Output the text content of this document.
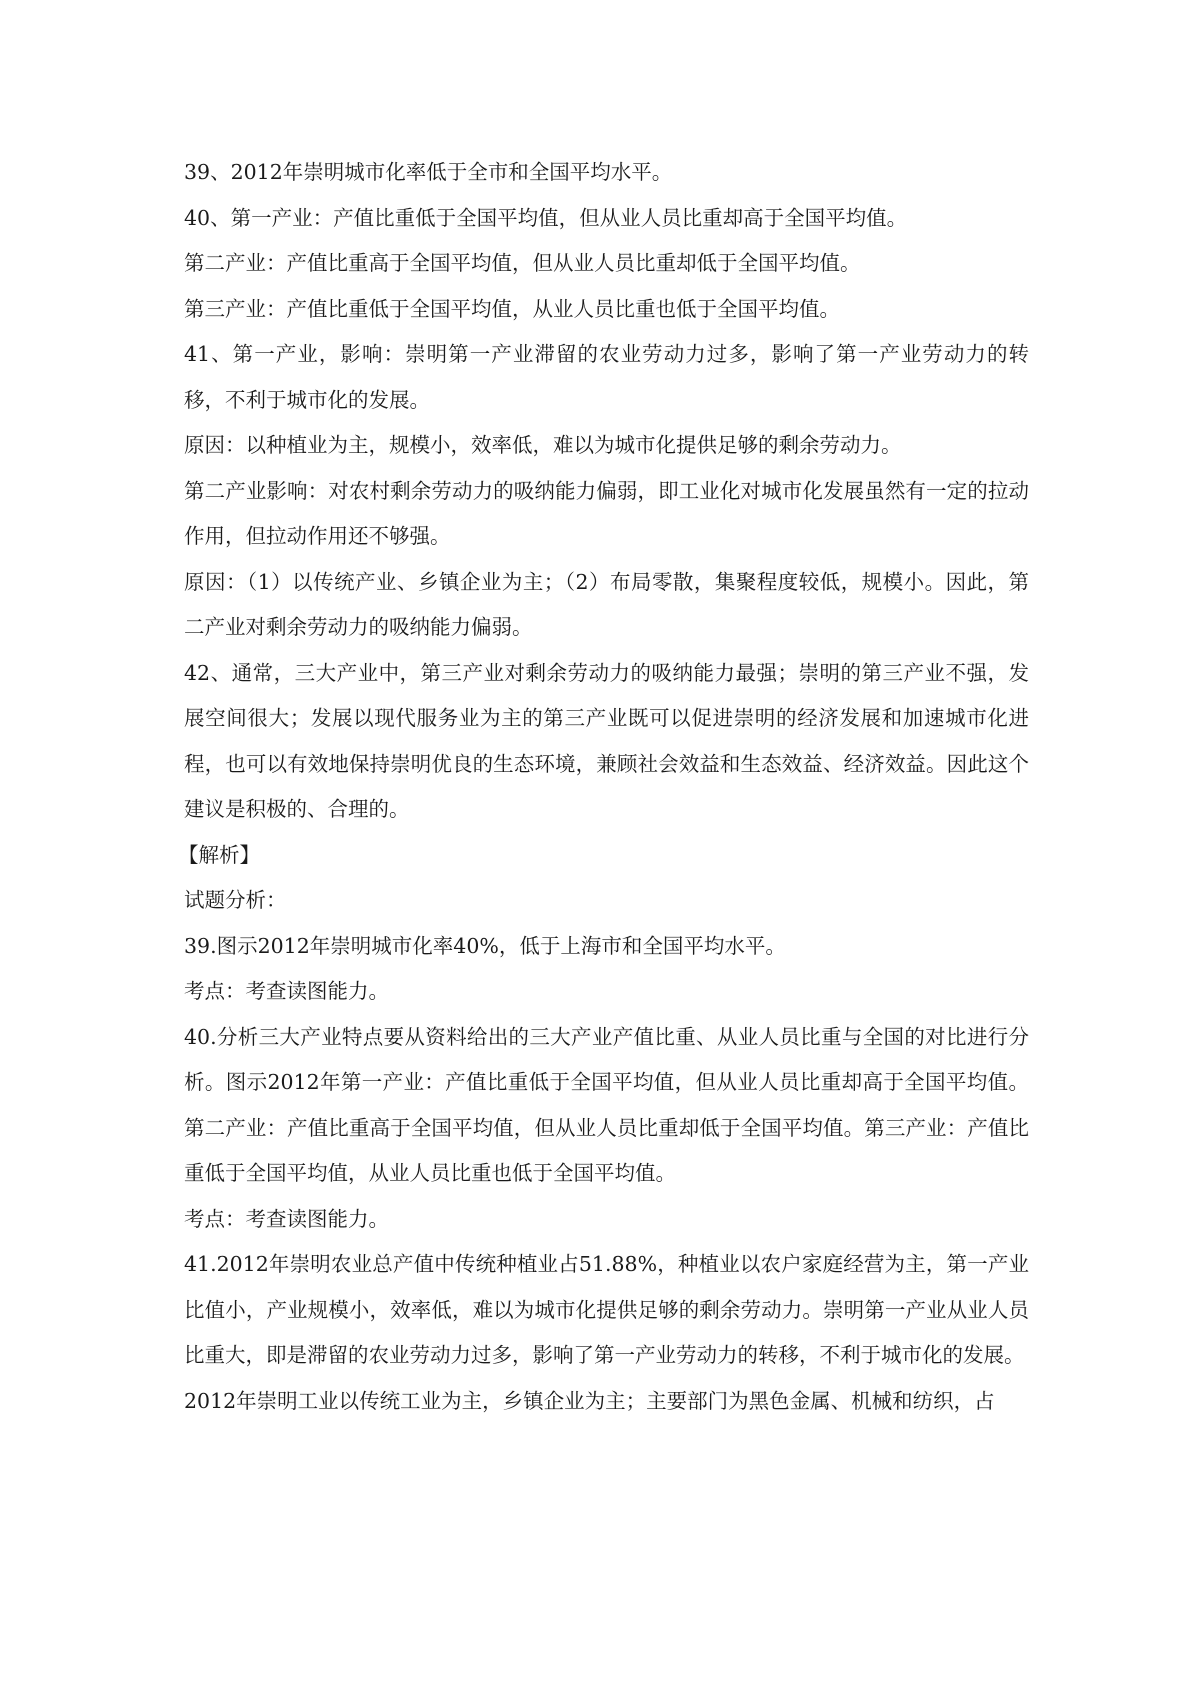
39、2012年崇明城市化率低于全市和全国平均水平。

40、第一产业：产值比重低于全国平均值，但从业人员比重却高于全国平均值。

第二产业：产值比重高于全国平均值，但从业人员比重却低于全国平均值。

第三产业：产值比重低于全国平均值，从业人员比重也低于全国平均值。

41、第一产业，影响：崇明第一产业滞留的农业劳动力过多，影响了第一产业劳动力的转移，不利于城市化的发展。

原因：以种植业为主，规模小，效率低，难以为城市化提供足够的剩余劳动力。

第二产业影响：对农村剩余劳动力的吸纳能力偏弱，即工业化对城市化发展虽然有一定的拉动作用，但拉动作用还不够强。

原因：（1）以传统产业、乡镇企业为主；（2）布局零散，集聚程度较低，规模小。因此，第二产业对剩余劳动力的吸纳能力偏弱。

42、通常，三大产业中，第三产业对剩余劳动力的吸纳能力最强；崇明的第三产业不强，发展空间很大；发展以现代服务业为主的第三产业既可以促进崇明的经济发展和加速城市化进程，也可以有效地保持崇明优良的生态环境，兼顾社会效益和生态效益、经济效益。因此这个建议是积极的、合理的。

【解析】

试题分析：

39.图示2012年崇明城市化率40%，低于上海市和全国平均水平。

考点：考查读图能力。

40.分析三大产业特点要从资料给出的三大产业产值比重、从业人员比重与全国的对比进行分析。图示2012年第一产业：产值比重低于全国平均值，但从业人员比重却高于全国平均值。第二产业：产值比重高于全国平均值，但从业人员比重却低于全国平均值。第三产业：产值比重低于全国平均值，从业人员比重也低于全国平均值。

考点：考查读图能力。

41.2012年崇明农业总产值中传统种植业占51.88%，种植业以农户家庭经营为主，第一产业比值小，产业规模小，效率低，难以为城市化提供足够的剩余劳动力。崇明第一产业从业人员比重大，即是滞留的农业劳动力过多，影响了第一产业劳动力的转移，不利于城市化的发展。

2012年崇明工业以传统工业为主，乡镇企业为主；主要部门为黑色金属、机械和纺织，占
